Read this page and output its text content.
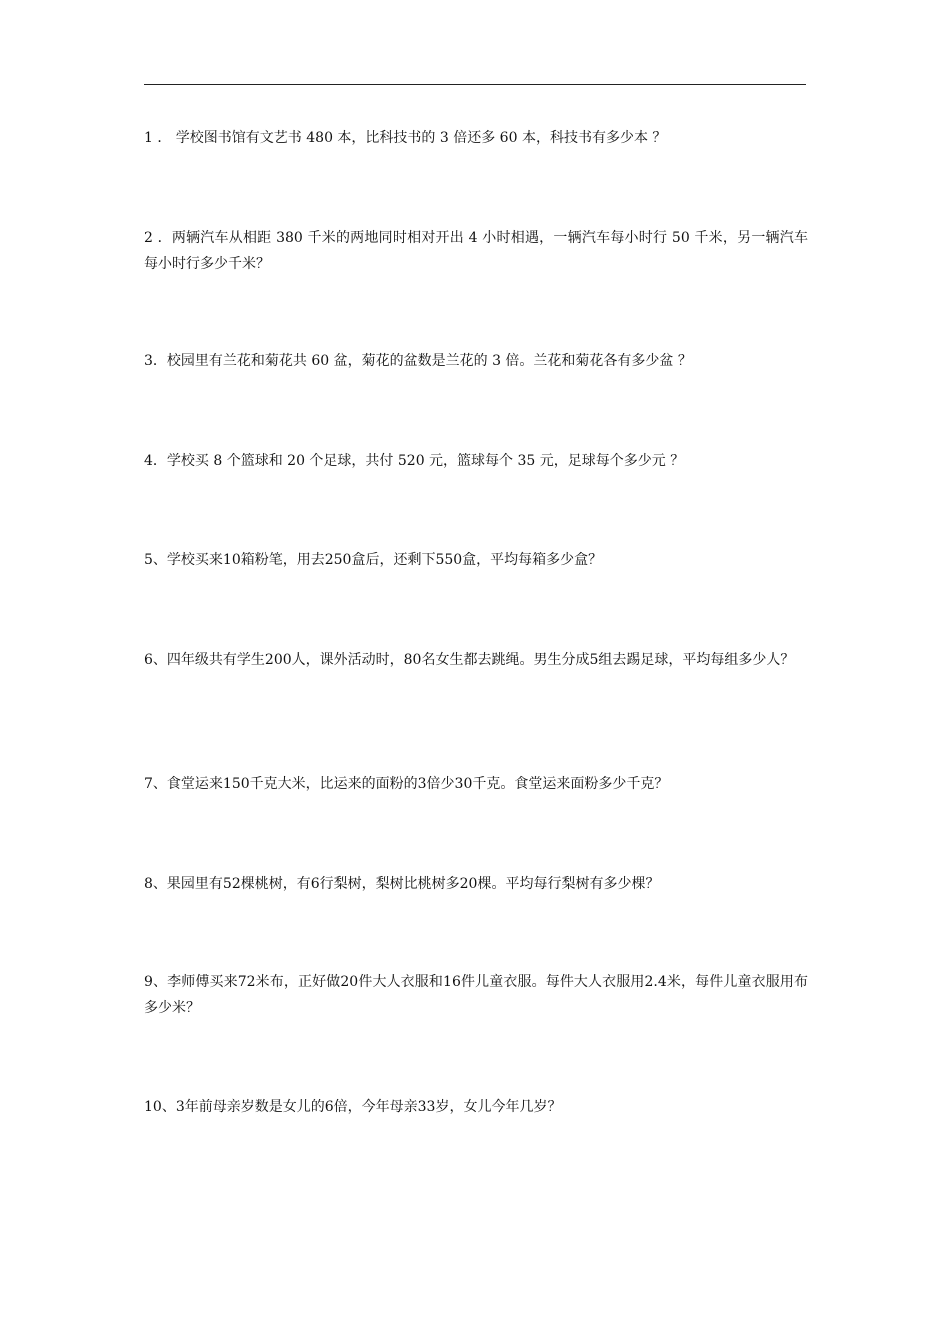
1 ． 学校图书馆有文艺书 480 本，比科技书的 3 倍还多 60 本，科技书有多少本 ？

2 ．两辆汽车从相距 380 千米的两地同时相对开出 4 小时相遇，一辆汽车每小时行 50 千米，另一辆汽车每小时行多少千米？

3．校园里有兰花和菊花共 60 盆，菊花的盆数是兰花的 3 倍。兰花和菊花各有多少盆 ？

4．学校买 8 个篮球和 20 个足球，共付 520 元，篮球每个 35 元，足球每个多少元 ？

5、学校买来10箱粉笔，用去250盒后，还剩下550盒，平均每箱多少盒？

6、四年级共有学生200人，课外活动时，80名女生都去跳绳。男生分成5组去踢足球，平均每组多少人？

7、食堂运来150千克大米，比运来的面粉的3倍少30千克。食堂运来面粉多少千克？

8、果园里有52棵桃树，有6行梨树，梨树比桃树多20棵。平均每行梨树有多少棵？

9、李师傅买来72米布，正好做20件大人衣服和16件儿童衣服。每件大人衣服用2.4米，每件儿童衣服用布多少米？

10、3年前母亲岁数是女儿的6倍，今年母亲33岁，女儿今年几岁？
